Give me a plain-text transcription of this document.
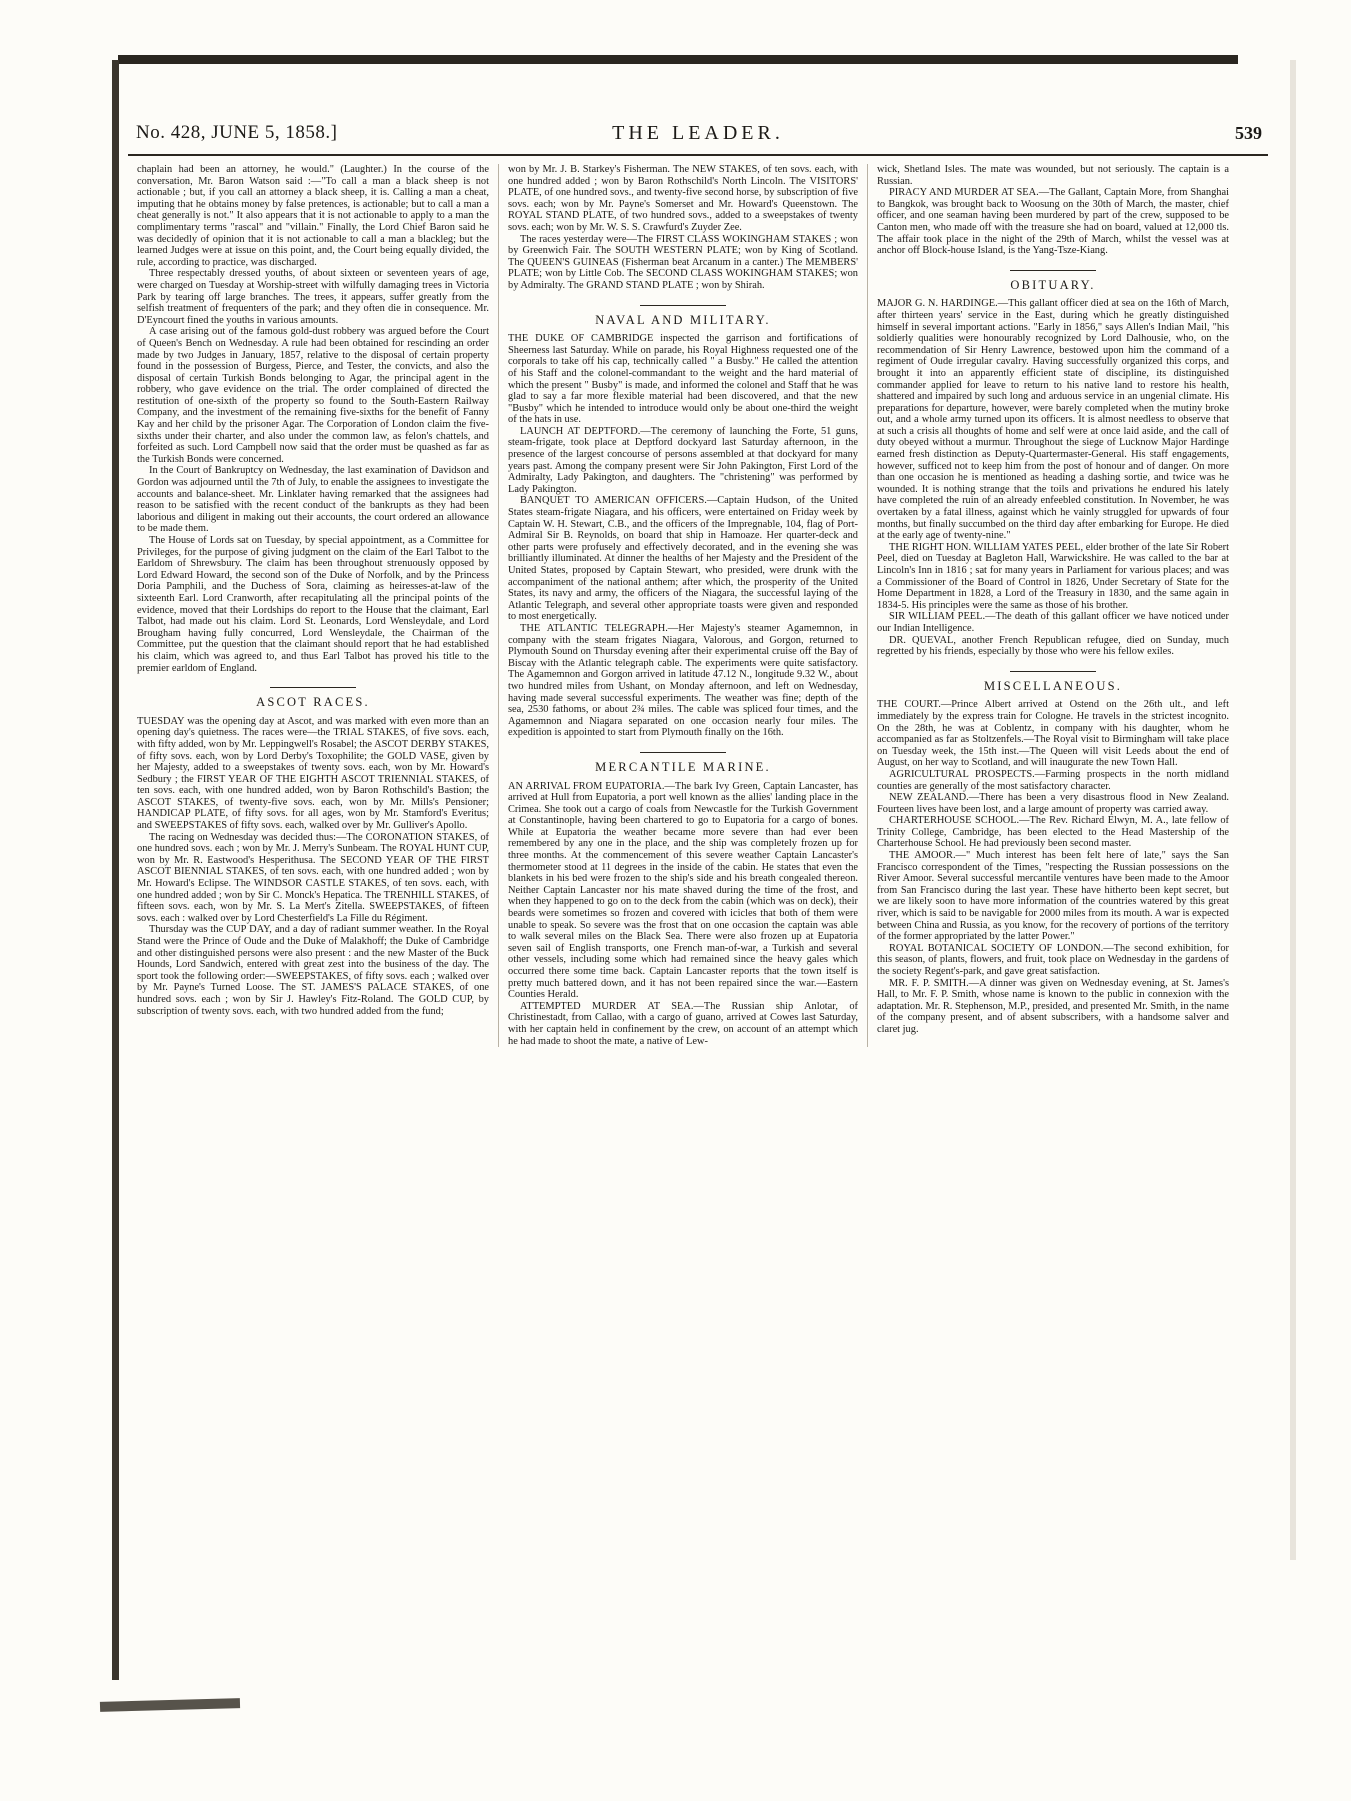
No. 428, JUNE 5, 1858.]	THE LEADER.	539

chaplain had been an attorney, he would." (Laughter.) In the course of the conversation, Mr. Baron Watson said :—"To call a man a black sheep is not actionable ; but, if you call an attorney a black sheep, it is. Calling a man a cheat, imputing that he obtains money by false pretences, is actionable; but to call a man a cheat generally is not." It also appears that it is not actionable to apply to a man the complimentary terms "rascal" and "villain." Finally, the Lord Chief Baron said he was decidedly of opinion that it is not actionable to call a man a blackleg; but the learned Judges were at issue on this point, and, the Court being equally divided, the rule, according to practice, was discharged.

Three respectably dressed youths, of about sixteen or seventeen years of age, were charged on Tuesday at Worship-street with wilfully damaging trees in Victoria Park by tearing off large branches. The trees, it appears, suffer greatly from the selfish treatment of frequenters of the park; and they often die in consequence. Mr. D'Eyncourt fined the youths in various amounts.

A case arising out of the famous gold-dust robbery was argued before the Court of Queen's Bench on Wednesday. A rule had been obtained for rescinding an order made by two Judges in January, 1857, relative to the disposal of certain property found in the possession of Burgess, Pierce, and Tester, the convicts, and also the disposal of certain Turkish Bonds belonging to Agar, the principal agent in the robbery, who gave evidence on the trial. The order complained of directed the restitution of one-sixth of the property so found to the South-Eastern Railway Company, and the investment of the remaining five-sixths for the benefit of Fanny Kay and her child by the prisoner Agar. The Corporation of London claim the five-sixths under their charter, and also under the common law, as felon's chattels, and forfeited as such. Lord Campbell now said that the order must be quashed as far as the Turkish Bonds were concerned.

In the Court of Bankruptcy on Wednesday, the last examination of Davidson and Gordon was adjourned until the 7th of July, to enable the assignees to investigate the accounts and balance-sheet. Mr. Linklater having remarked that the assignees had reason to be satisfied with the recent conduct of the bankrupts as they had been laborious and diligent in making out their accounts, the court ordered an allowance to be made them.

The House of Lords sat on Tuesday, by special appointment, as a Committee for Privileges, for the purpose of giving judgment on the claim of the Earl Talbot to the Earldom of Shrewsbury. The claim has been throughout strenuously opposed by Lord Edward Howard, the second son of the Duke of Norfolk, and by the Princess Doria Pamphili, and the Duchess of Sora, claiming as heiresses-at-law of the sixteenth Earl. Lord Cranworth, after recapitulating all the principal points of the evidence, moved that their Lordships do report to the House that the claimant, Earl Talbot, had made out his claim. Lord St. Leonards, Lord Wensleydale, and Lord Brougham having fully concurred, Lord Wensleydale, the Chairman of the Committee, put the question that the claimant should report that he had established his claim, which was agreed to, and thus Earl Talbot has proved his title to the premier earldom of England.

ASCOT RACES.

TUESDAY was the opening day at Ascot, and was marked with even more than an opening day's quietness. The races were—the TRIAL STAKES, of five sovs. each, with fifty added, won by Mr. Leppingwell's Rosabel; the ASCOT DERBY STAKES, of fifty sovs. each, won by Lord Derby's Toxophilite; the GOLD VASE, given by her Majesty, added to a sweepstakes of twenty sovs. each, won by Mr. Howard's Sedbury ; the FIRST YEAR OF THE EIGHTH ASCOT TRIENNIAL STAKES, of ten sovs. each, with one hundred added, won by Baron Rothschild's Bastion; the ASCOT STAKES, of twenty-five sovs. each, won by Mr. Mills's Pensioner; HANDICAP PLATE, of fifty sovs. for all ages, won by Mr. Stamford's Everitus; and SWEEPSTAKES of fifty sovs. each, walked over by Mr. Gulliver's Apollo.

The racing on Wednesday was decided thus:—The CORONATION STAKES, of one hundred sovs. each ; won by Mr. J. Merry's Sunbeam. The ROYAL HUNT CUP, won by Mr. R. Eastwood's Hesperithusa. The SECOND YEAR OF THE FIRST ASCOT BIENNIAL STAKES, of ten sovs. each, with one hundred added ; won by Mr. Howard's Eclipse. The WINDSOR CASTLE STAKES, of ten sovs. each, with one hundred added ; won by Sir C. Monck's Hepatica. The TRENHILL STAKES, of fifteen sovs. each, won by Mr. S. La Mert's Zitella. SWEEPSTAKES, of fifteen sovs. each : walked over by Lord Chesterfield's La Fille du Régiment.

Thursday was the CUP DAY, and a day of radiant summer weather. In the Royal Stand were the Prince of Oude and the Duke of Malakhoff; the Duke of Cambridge and other distinguished persons were also present : and the new Master of the Buck Hounds, Lord Sandwich, entered with great zest into the business of the day. The sport took the following order:—SWEEPSTAKES, of fifty sovs. each ; walked over by Mr. Payne's Turned Loose. The ST. JAMES'S PALACE STAKES, of one hundred sovs. each ; won by Sir J. Hawley's Fitz-Roland. The GOLD CUP, by subscription of twenty sovs. each, with two hundred added from the fund;

won by Mr. J. B. Starkey's Fisherman. The NEW STAKES, of ten sovs. each, with one hundred added ; won by Baron Rothschild's North Lincoln. The VISITORS' PLATE, of one hundred sovs., and twenty-five second horse, by subscription of five sovs. each; won by Mr. Payne's Somerset and Mr. Howard's Queenstown. The ROYAL STAND PLATE, of two hundred sovs., added to a sweepstakes of twenty sovs. each; won by Mr. W. S. S. Crawfurd's Zuyder Zee.

The races yesterday were—The FIRST CLASS WOKINGHAM STAKES ; won by Greenwich Fair. The SOUTH WESTERN PLATE; won by King of Scotland. The QUEEN'S GUINEAS (Fisherman beat Arcanum in a canter.) The MEMBERS' PLATE; won by Little Cob. The SECOND CLASS WOKINGHAM STAKES; won by Admiralty. The GRAND STAND PLATE ; won by Shirah.

NAVAL AND MILITARY.

THE DUKE OF CAMBRIDGE inspected the garrison and fortifications of Sheerness last Saturday. While on parade, his Royal Highness requested one of the corporals to take off his cap, technically called " a Busby." He called the attention of his Staff and the colonel-commandant to the weight and the hard material of which the present " Busby" is made, and informed the colonel and Staff that he was glad to say a far more flexible material had been discovered, and that the new "Busby" which he intended to introduce would only be about one-third the weight of the hats in use.

LAUNCH AT DEPTFORD.—The ceremony of launching the Forte, 51 guns, steam-frigate, took place at Deptford dockyard last Saturday afternoon, in the presence of the largest concourse of persons assembled at that dockyard for many years past. Among the company present were Sir John Pakington, First Lord of the Admiralty, Lady Pakington, and daughters. The "christening" was performed by Lady Pakington.

BANQUET TO AMERICAN OFFICERS.—Captain Hudson, of the United States steam-frigate Niagara, and his officers, were entertained on Friday week by Captain W. H. Stewart, C.B., and the officers of the Impregnable, 104, flag of Port-Admiral Sir B. Reynolds, on board that ship in Hamoaze. Her quarter-deck and other parts were profusely and effectively decorated, and in the evening she was brilliantly illuminated. At dinner the healths of her Majesty and the President of the United States, proposed by Captain Stewart, who presided, were drunk with the accompaniment of the national anthem; after which, the prosperity of the United States, its navy and army, the officers of the Niagara, the successful laying of the Atlantic Telegraph, and several other appropriate toasts were given and responded to most energetically.

THE ATLANTIC TELEGRAPH.—Her Majesty's steamer Agamemnon, in company with the steam frigates Niagara, Valorous, and Gorgon, returned to Plymouth Sound on Thursday evening after their experimental cruise off the Bay of Biscay with the Atlantic telegraph cable. The experiments were quite satisfactory. The Agamemnon and Gorgon arrived in latitude 47.12 N., longitude 9.32 W., about two hundred miles from Ushant, on Monday afternoon, and left on Wednesday, having made several successful experiments. The weather was fine; depth of the sea, 2530 fathoms, or about 2¾ miles. The cable was spliced four times, and the Agamemnon and Niagara separated on one occasion nearly four miles. The expedition is appointed to start from Plymouth finally on the 16th.

MERCANTILE MARINE.

AN ARRIVAL FROM EUPATORIA.—The bark Ivy Green, Captain Lancaster, has arrived at Hull from Eupatoria, a port well known as the allies' landing place in the Crimea. She took out a cargo of coals from Newcastle for the Turkish Government at Constantinople, having been chartered to go to Eupatoria for a cargo of bones. While at Eupatoria the weather became more severe than had ever been remembered by any one in the place, and the ship was completely frozen up for three months. At the commencement of this severe weather Captain Lancaster's thermometer stood at 11 degrees in the inside of the cabin. He states that even the blankets in his bed were frozen to the ship's side and his breath congealed thereon. Neither Captain Lancaster nor his mate shaved during the time of the frost, and when they happened to go on to the deck from the cabin (which was on deck), their beards were sometimes so frozen and covered with icicles that both of them were unable to speak. So severe was the frost that on one occasion the captain was able to walk several miles on the Black Sea. There were also frozen up at Eupatoria seven sail of English transports, one French man-of-war, a Turkish and several other vessels, including some which had remained since the heavy gales which occurred there some time back. Captain Lancaster reports that the town itself is pretty much battered down, and it has not been repaired since the war.—Eastern Counties Herald.

ATTEMPTED MURDER AT SEA.—The Russian ship Anlotar, of Christinestadt, from Callao, with a cargo of guano, arrived at Cowes last Saturday, with her captain held in confinement by the crew, on account of an attempt which he had made to shoot the mate, a native of Lew-

wick, Shetland Isles. The mate was wounded, but not seriously. The captain is a Russian.

PIRACY AND MURDER AT SEA.—The Gallant, Captain More, from Shanghai to Bangkok, was brought back to Woosung on the 30th of March, the master, chief officer, and one seaman having been murdered by part of the crew, supposed to be Canton men, who made off with the treasure she had on board, valued at 12,000 tls. The affair took place in the night of the 29th of March, whilst the vessel was at anchor off Block-house Island, is the Yang-Tsze-Kiang.

OBITUARY.

MAJOR G. N. HARDINGE.—This gallant officer died at sea on the 16th of March, after thirteen years' service in the East, during which he greatly distinguished himself in several important actions. "Early in 1856," says Allen's Indian Mail, "his soldierly qualities were honourably recognized by Lord Dalhousie, who, on the recommendation of Sir Henry Lawrence, bestowed upon him the command of a regiment of Oude irregular cavalry. Having successfully organized this corps, and brought it into an apparently efficient state of discipline, its distinguished commander applied for leave to return to his native land to restore his health, shattered and impaired by such long and arduous service in an ungenial climate. His preparations for departure, however, were barely completed when the mutiny broke out, and a whole army turned upon its officers. It is almost needless to observe that at such a crisis all thoughts of home and self were at once laid aside, and the call of duty obeyed without a murmur. Throughout the siege of Lucknow Major Hardinge earned fresh distinction as Deputy-Quartermaster-General. His staff engagements, however, sufficed not to keep him from the post of honour and of danger. On more than one occasion he is mentioned as heading a dashing sortie, and twice was he wounded. It is nothing strange that the toils and privations he endured his lately have completed the ruin of an already enfeebled constitution. In November, he was overtaken by a fatal illness, against which he vainly struggled for upwards of four months, but finally succumbed on the third day after embarking for Europe. He died at the early age of twenty-nine."

THE RIGHT HON. WILLIAM YATES PEEL, elder brother of the late Sir Robert Peel, died on Tuesday at Bagleton Hall, Warwickshire. He was called to the bar at Lincoln's Inn in 1816 ; sat for many years in Parliament for various places; and was a Commissioner of the Board of Control in 1826, Under Secretary of State for the Home Department in 1828, a Lord of the Treasury in 1830, and the same again in 1834-5. His principles were the same as those of his brother.

SIR WILLIAM PEEL.—The death of this gallant officer we have noticed under our Indian Intelligence.

DR. QUEVAL, another French Republican refugee, died on Sunday, much regretted by his friends, especially by those who were his fellow exiles.

MISCELLANEOUS.

THE COURT.—Prince Albert arrived at Ostend on the 26th ult., and left immediately by the express train for Cologne. He travels in the strictest incognito. On the 28th, he was at Coblentz, in company with his daughter, whom he accompanied as far as Stoltzenfels.—The Royal visit to Birmingham will take place on Tuesday week, the 15th inst.—The Queen will visit Leeds about the end of August, on her way to Scotland, and will inaugurate the new Town Hall.

AGRICULTURAL PROSPECTS.—Farming prospects in the north midland counties are generally of the most satisfactory character.

NEW ZEALAND.—There has been a very disastrous flood in New Zealand. Fourteen lives have been lost, and a large amount of property was carried away.

CHARTERHOUSE SCHOOL.—The Rev. Richard Elwyn, M. A., late fellow of Trinity College, Cambridge, has been elected to the Head Mastership of the Charterhouse School. He had previously been second master.

THE AMOOR.—" Much interest has been felt here of late," says the San Francisco correspondent of the Times, "respecting the Russian possessions on the River Amoor. Several successful mercantile ventures have been made to the Amoor from San Francisco during the last year. These have hitherto been kept secret, but we are likely soon to have more information of the countries watered by this great river, which is said to be navigable for 2000 miles from its mouth. A war is expected between China and Russia, as you know, for the recovery of portions of the territory of the former appropriated by the latter Power."

ROYAL BOTANICAL SOCIETY OF LONDON.—The second exhibition, for this season, of plants, flowers, and fruit, took place on Wednesday in the gardens of the society Regent's-park, and gave great satisfaction.

MR. F. P. SMITH.—A dinner was given on Wednesday evening, at St. James's Hall, to Mr. F. P. Smith, whose name is known to the public in connexion with the adaptation. Mr. R. Stephenson, M.P., presided, and presented Mr. Smith, in the name of the company present, and of absent subscribers, with a handsome salver and claret jug.
